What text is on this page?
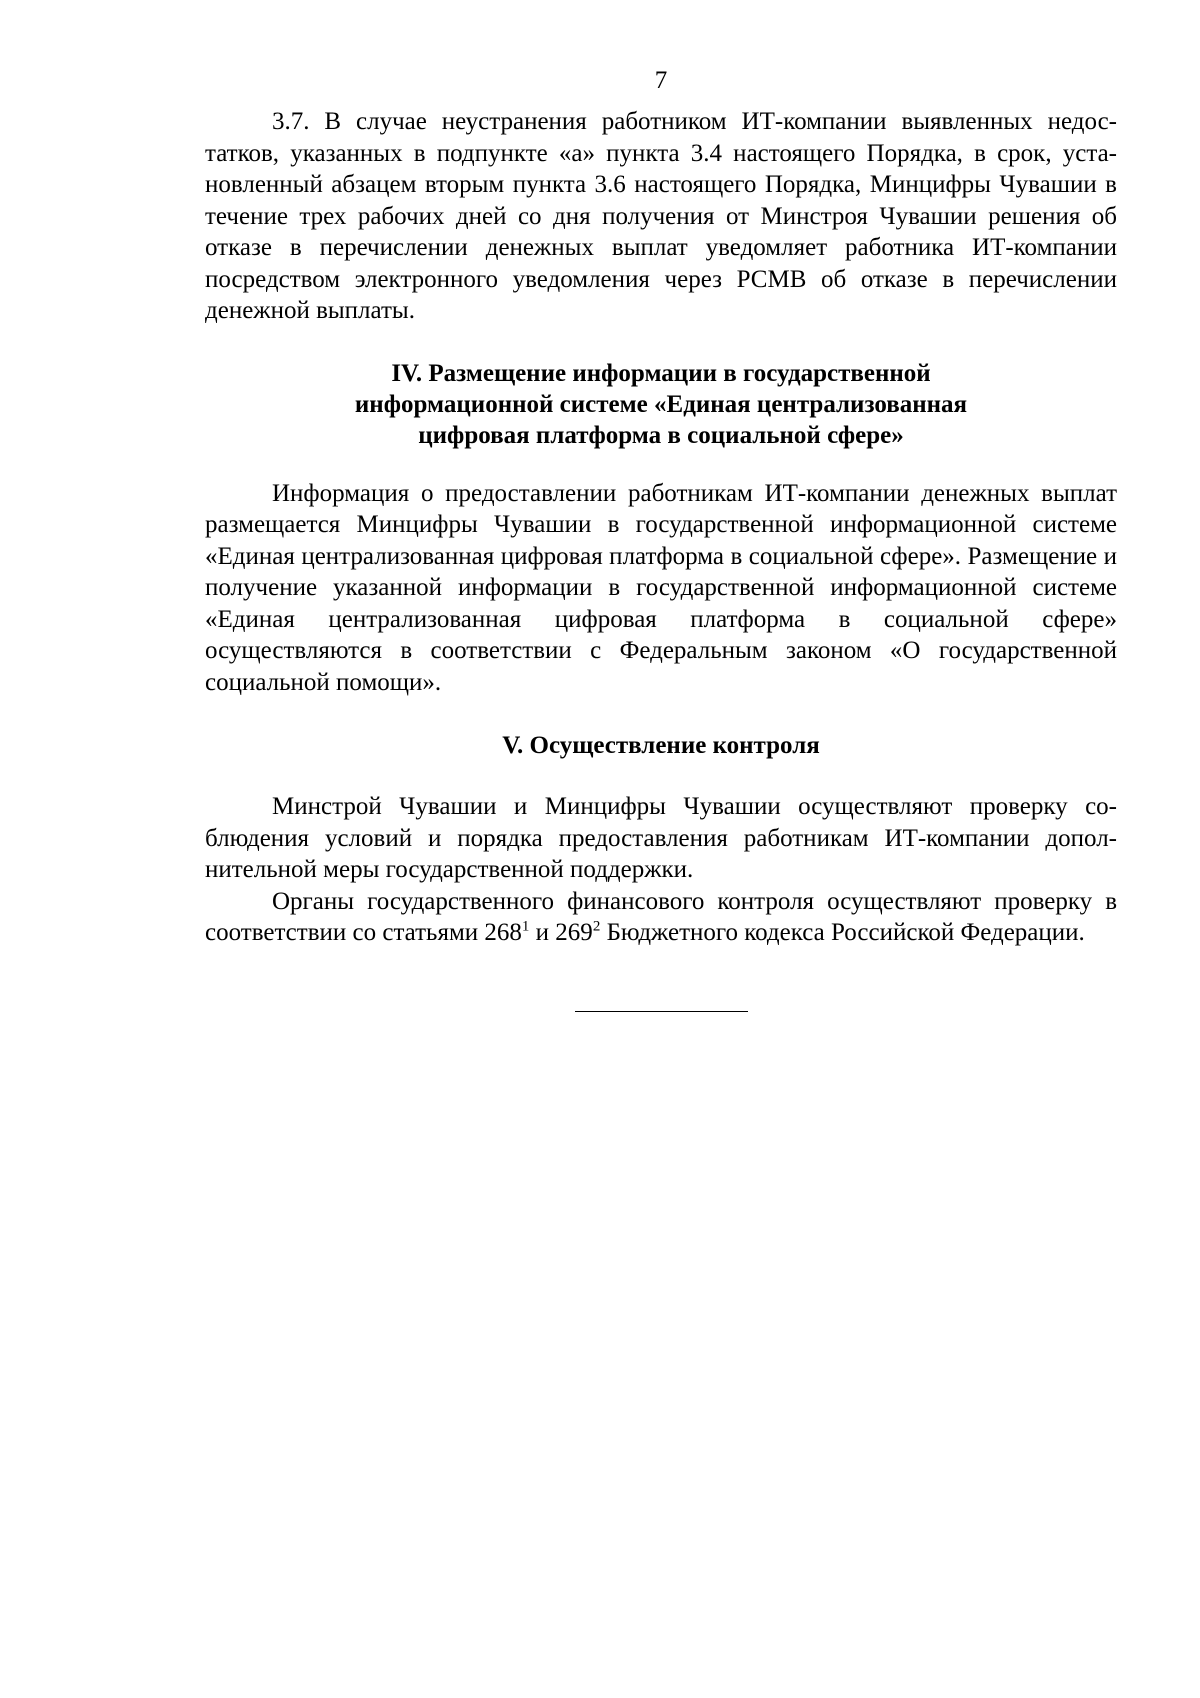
7

3.7. В случае неустранения работником ИТ-компании выявленных недостатков, указанных в подпункте «а» пункта 3.4 настоящего Порядка, в срок, установленный абзацем вторым пункта 3.6 настоящего Порядка, Минцифры Чувашии в течение трех рабочих дней со дня получения от Минстроя Чувашии решения об отказе в перечислении денежных выплат уведомляет работника ИТ-компании посредством электронного уведомления через РСМВ об отказе в перечислении денежной выплаты.

IV. Размещение информации в государственной
информационной системе «Единая централизованная
цифровая платформа в социальной сфере»

Информация о предоставлении работникам ИТ-компании денежных выплат размещается Минцифры Чувашии в государственной информационной системе «Единая централизованная цифровая платформа в социальной сфере». Размещение и получение указанной информации в государственной информационной системе «Единая централизованная цифровая платформа в социальной сфере» осуществляются в соответствии с Федеральным законом «О государственной социальной помощи».

V. Осуществление контроля

Минстрой Чувашии и Минцифры Чувашии осуществляют проверку соблюдения условий и порядка предоставления работникам ИТ-компании дополнительной меры государственной поддержки.

Органы государственного финансового контроля осуществляют проверку в соответствии со статьями $268^1$ и $269^2$ Бюджетного кодекса Российской Федерации.
